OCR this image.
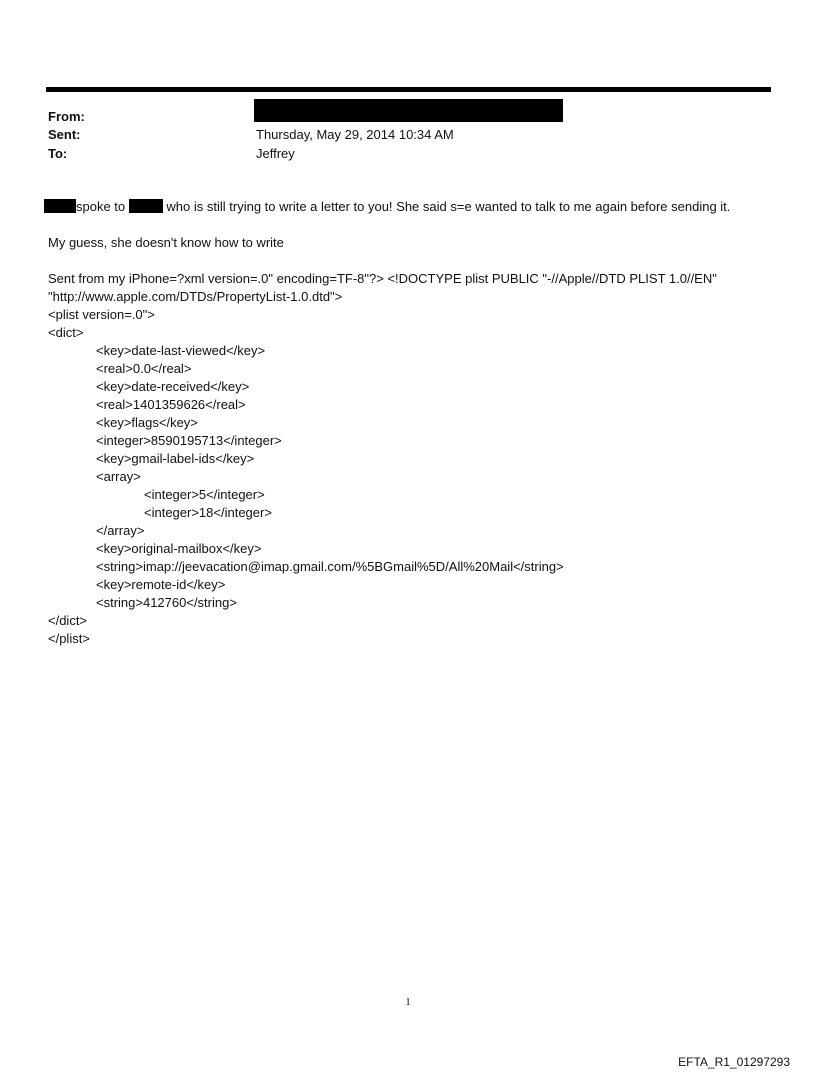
From:
Sent:	Thursday, May 29, 2014 10:34 AM
To:	Jeffrey
spoke to	who is still trying to write a letter to you! She said s=e wanted to talk to me again before sending it.
My guess, she doesn't know how to write
Sent from my iPhone=?xml version=.0" encoding=TF-8"?> <!DOCTYPE plist PUBLIC "-//Apple//DTD PLIST 1.0//EN"
"http://www.apple.com/DTDs/PropertyList-1.0.dtd">
<plist version=.0">
<dict>
<key>date-last-viewed</key>
<real>0.0</real>
<key>date-received</key>
<real>1401359626</real>
<key>flags</key>
<integer>8590195713</integer>
<key>gmail-label-ids</key>
<array>
<integer>5</integer>
<integer>18</integer>
</array>
<key>original-mailbox</key>
<string>imap://jeevacation@imap.gmail.com/%5BGmail%5D/All%20Mail</string>
<key>remote-id</key>
<string>412760</string>
</dict>
</plist>
1
EFTA_R1_01297293
